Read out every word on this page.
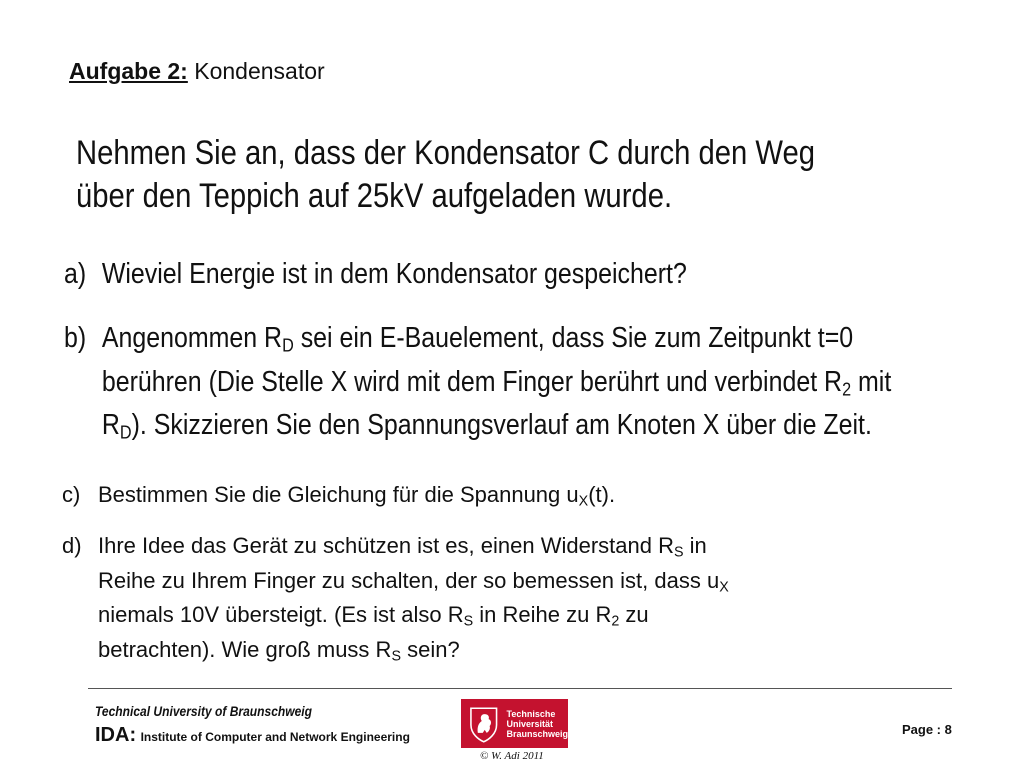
Aufgabe 2: Kondensator
Nehmen Sie an, dass der Kondensator C durch den Weg
über den Teppich auf 25kV aufgeladen wurde.
a) Wieviel Energie ist in dem Kondensator gespeichert?
b) Angenommen $R_D$ sei ein E-Bauelement, dass Sie zum Zeitpunkt t=0
berühren (Die Stelle X wird mit dem Finger berührt und verbindet $R_2$ mit
$R_D$). Skizzieren Sie den Spannungsverlauf am Knoten X über die Zeit.
c) Bestimmen Sie die Gleichung für die Spannung $u_X(t)$.
d) Ihre Idee das Gerät zu schützen ist es, einen Widerstand $R_S$ in
Reihe zu Ihrem Finger zu schalten, der so bemessen ist, dass $u_X$
niemals 10V übersteigt. (Es ist also $R_S$ in Reihe zu $R_2$ zu
betrachten). Wie groß muss $R_S$ sein?
Technical University of Braunschweig
IDA: Institute of Computer and Network Engineering
Technische
Universität
Braunschweig
© W. Adi 2011
Page : 8
